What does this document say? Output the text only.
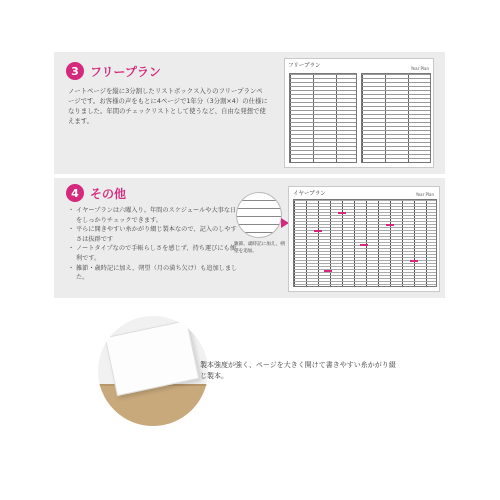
3 フリープラン

ノートページを縦に3分割したリストボックス入りのフリープランページです。お客様の声をもとに4ページで1年分（3分割×4）の仕様になりました。年間のチェックリストとして使うなど、自由な発想で使えます。

フリープラン	Year Plan
4 その他
・ イヤープランは六曜入り。年間のスケジュールや大事な日をしっかりチェックできます。
・ 平らに開きやすい糸かがり綴じ製本なので、記入のしやすさは抜群です
・ ノートタイプなので手帳らしさを感じず、持ち運びにも便利です。
・ 雑節・歳時記に加え、朔望（月の満ち欠け）も追加しました。

雑節、歳時記に加え、朔望を追加。

イヤープラン	Year Plan

製本強度が強く、ページを大きく開けて書きやすい糸かがり綴じ製本。
